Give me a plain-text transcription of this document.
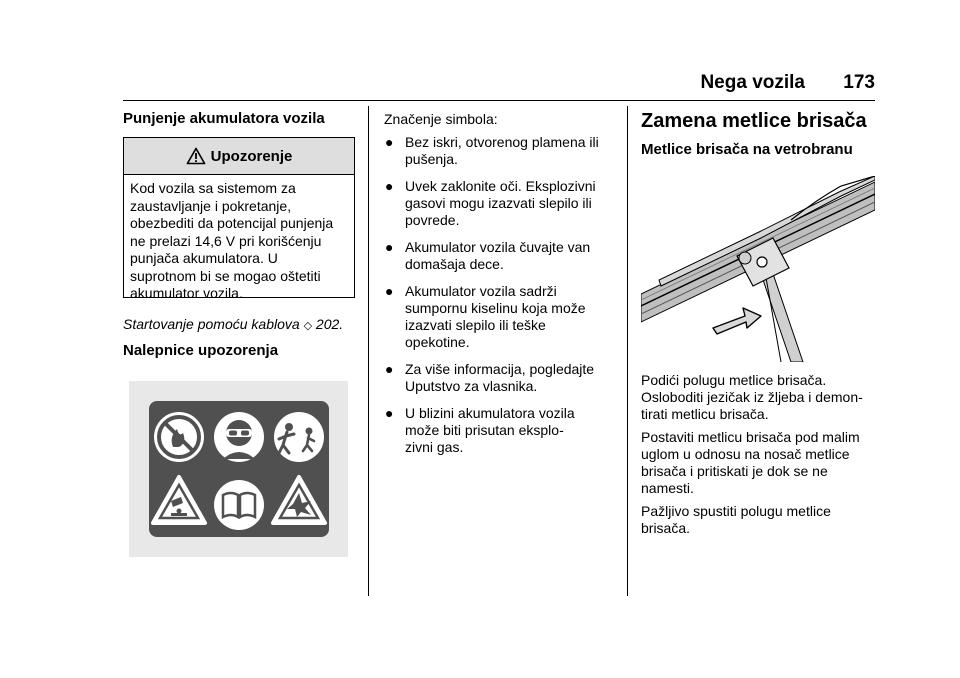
Nega vozila 173
Punjenje akumulatora vozila
Upozorenje
Kod vozila sa sistemom za
zaustavljanje i pokretanje,
obezbediti da potencijal punjenja
ne prelazi 14,6 V pri korišćenju
punjača akumulatora. U
suprotnom bi se mogao oštetiti
akumulator vozila.
Startovanje pomoću kablova ◇ 202.
Nalepnice upozorenja

Značenje simbola:

● Bez iskri, otvorenog plamena ili
pušenja.
● Uvek zaklonite oči. Eksplozivni
gasovi mogu izazvati slepilo ili
povrede.
● Akumulator vozila čuvajte van
domašaja dece.
● Akumulator vozila sadrži
sumpornu kiselinu koja može
izazvati slepilo ili teške
opekotine.
● Za više informacija, pogledajte
Uputstvo za vlasnika.
● U blizini akumulatora vozila
može biti prisutan eksplo-
zivni gas.
Zamena metlice brisača
Metlice brisača na vetrobranu
Podići polugu metlice brisača.
Osloboditi jezičak iz žljeba i demon-
tirati metlicu brisača.
Postaviti metlicu brisača pod malim
uglom u odnosu na nosač metlice
brisača i pritiskati je dok se ne
namesti.
Pažljivo spustiti polugu metlice
brisača.
